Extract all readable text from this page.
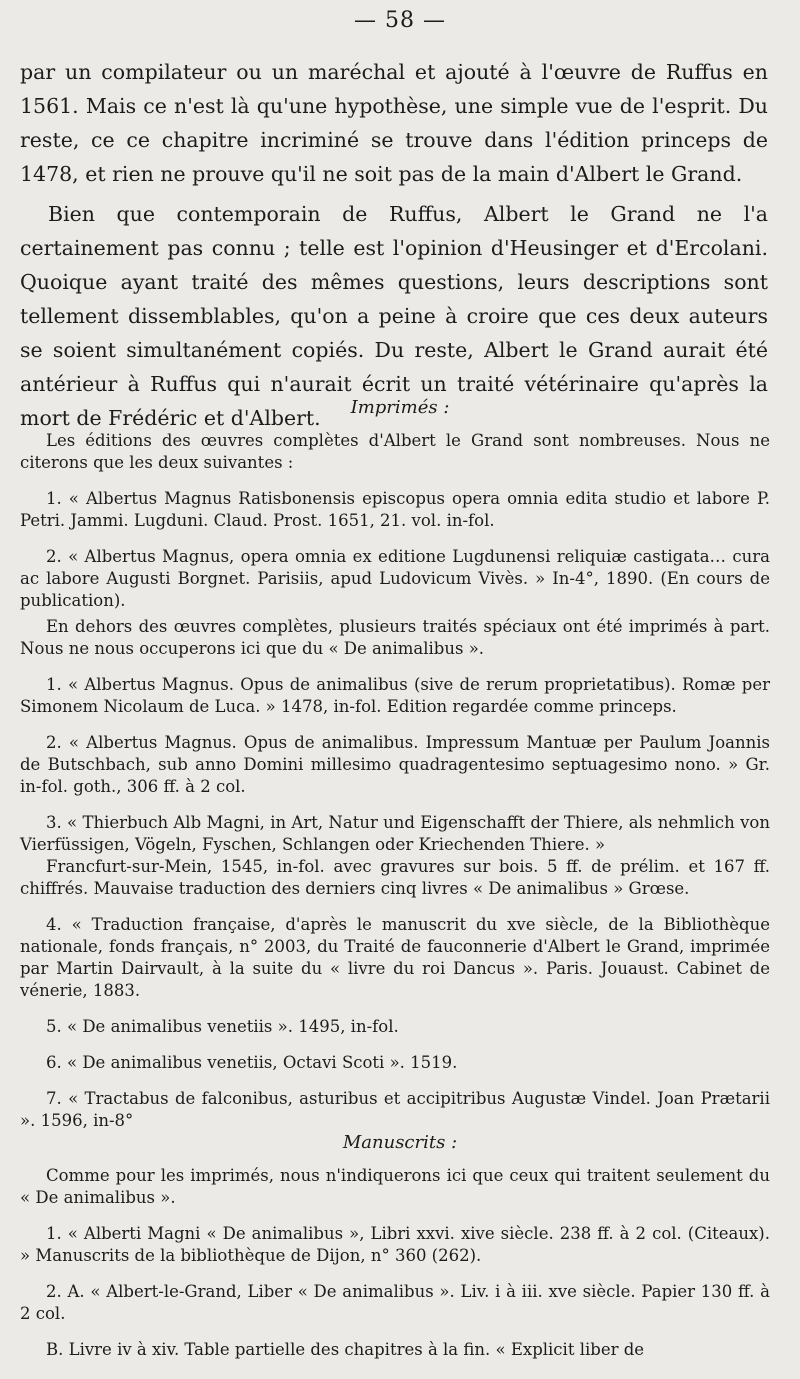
— 58 —

par un compilateur ou un maréchal et ajouté à l'œuvre de Ruffus en 1561. Mais ce n'est là qu'une hypothèse, une simple vue de l'esprit. Du reste, ce ce chapitre incriminé se trouve dans l'édition princeps de 1478, et rien ne prouve qu'il ne soit pas de la main d'Albert le Grand.

Bien que contemporain de Ruffus, Albert le Grand ne l'a certainement pas connu ; telle est l'opinion d'Heusinger et d'Ercolani. Quoique ayant traité des mêmes questions, leurs descriptions sont tellement dissemblables, qu'on a peine à croire que ces deux auteurs se soient simultanément copiés. Du reste, Albert le Grand aurait été antérieur à Ruffus qui n'aurait écrit un traité vétérinaire qu'après la mort de Frédéric et d'Albert.	Imprimés :

Les éditions des œuvres complètes d'Albert le Grand sont nombreuses. Nous ne citerons que les deux suivantes :

1. « Albertus Magnus Ratisbonensis episcopus opera omnia edita studio et labore P. Petri. Jammi. Lugduni. Claud. Prost. 1651, 21. vol. in-fol.

2. « Albertus Magnus, opera omnia ex editione Lugdunensi reliquiæ castigata… cura ac labore Augusti Borgnet. Parisiis, apud Ludovicum Vivès. » In-4°, 1890. (En cours de publication).

En dehors des œuvres complètes, plusieurs traités spéciaux ont été imprimés à part. Nous ne nous occuperons ici que du « De animalibus ».

1. « Albertus Magnus. Opus de animalibus (sive de rerum proprietatibus). Romæ per Simonem Nicolaum de Luca. » 1478, in-fol. Edition regardée comme princeps.

2. « Albertus Magnus. Opus de animalibus. Impressum Mantuæ per Paulum Joannis de Butschbach, sub anno Domini millesimo quadragentesimo septuagesimo nono. » Gr. in-fol. goth., 306 ff. à 2 col.

3. « Thierbuch Alb Magni, in Art, Natur und Eigenschafft der Thiere, als nehmlich von Vierfüssigen, Vögeln, Fyschen, Schlangen oder Kriechenden Thiere. »

Francfurt-sur-Mein, 1545, in-fol. avec gravures sur bois. 5 ff. de prélim. et 167 ff. chiffrés. Mauvaise traduction des derniers cinq livres « De animalibus » Grœse.

4. « Traduction française, d'après le manuscrit du xve siècle, de la Bibliothèque nationale, fonds français, n° 2003, du Traité de fauconnerie d'Albert le Grand, imprimée par Martin Dairvault, à la suite du « livre du roi Dancus ». Paris. Jouaust. Cabinet de vénerie, 1883.

5. « De animalibus venetiis ». 1495, in-fol.

6. « De animalibus venetiis, Octavi Scoti ». 1519.

7. « Tractabus de falconibus, asturibus et accipitribus Augustæ Vindel. Joan Prætarii ». 1596, in-8°

Manuscrits :

Comme pour les imprimés, nous n'indiquerons ici que ceux qui traitent seulement du « De animalibus ».

1. « Alberti Magni « De animalibus », Libri xxvi. xive siècle. 238 ff. à 2 col. (Citeaux). » Manuscrits de la bibliothèque de Dijon, n° 360 (262).

2. A. « Albert-le-Grand, Liber « De animalibus ». Liv. i à iii. xve siècle. Papier 130 ff. à 2 col.

B. Livre iv à xiv. Table partielle des chapitres à la fin. « Explicit liber de
